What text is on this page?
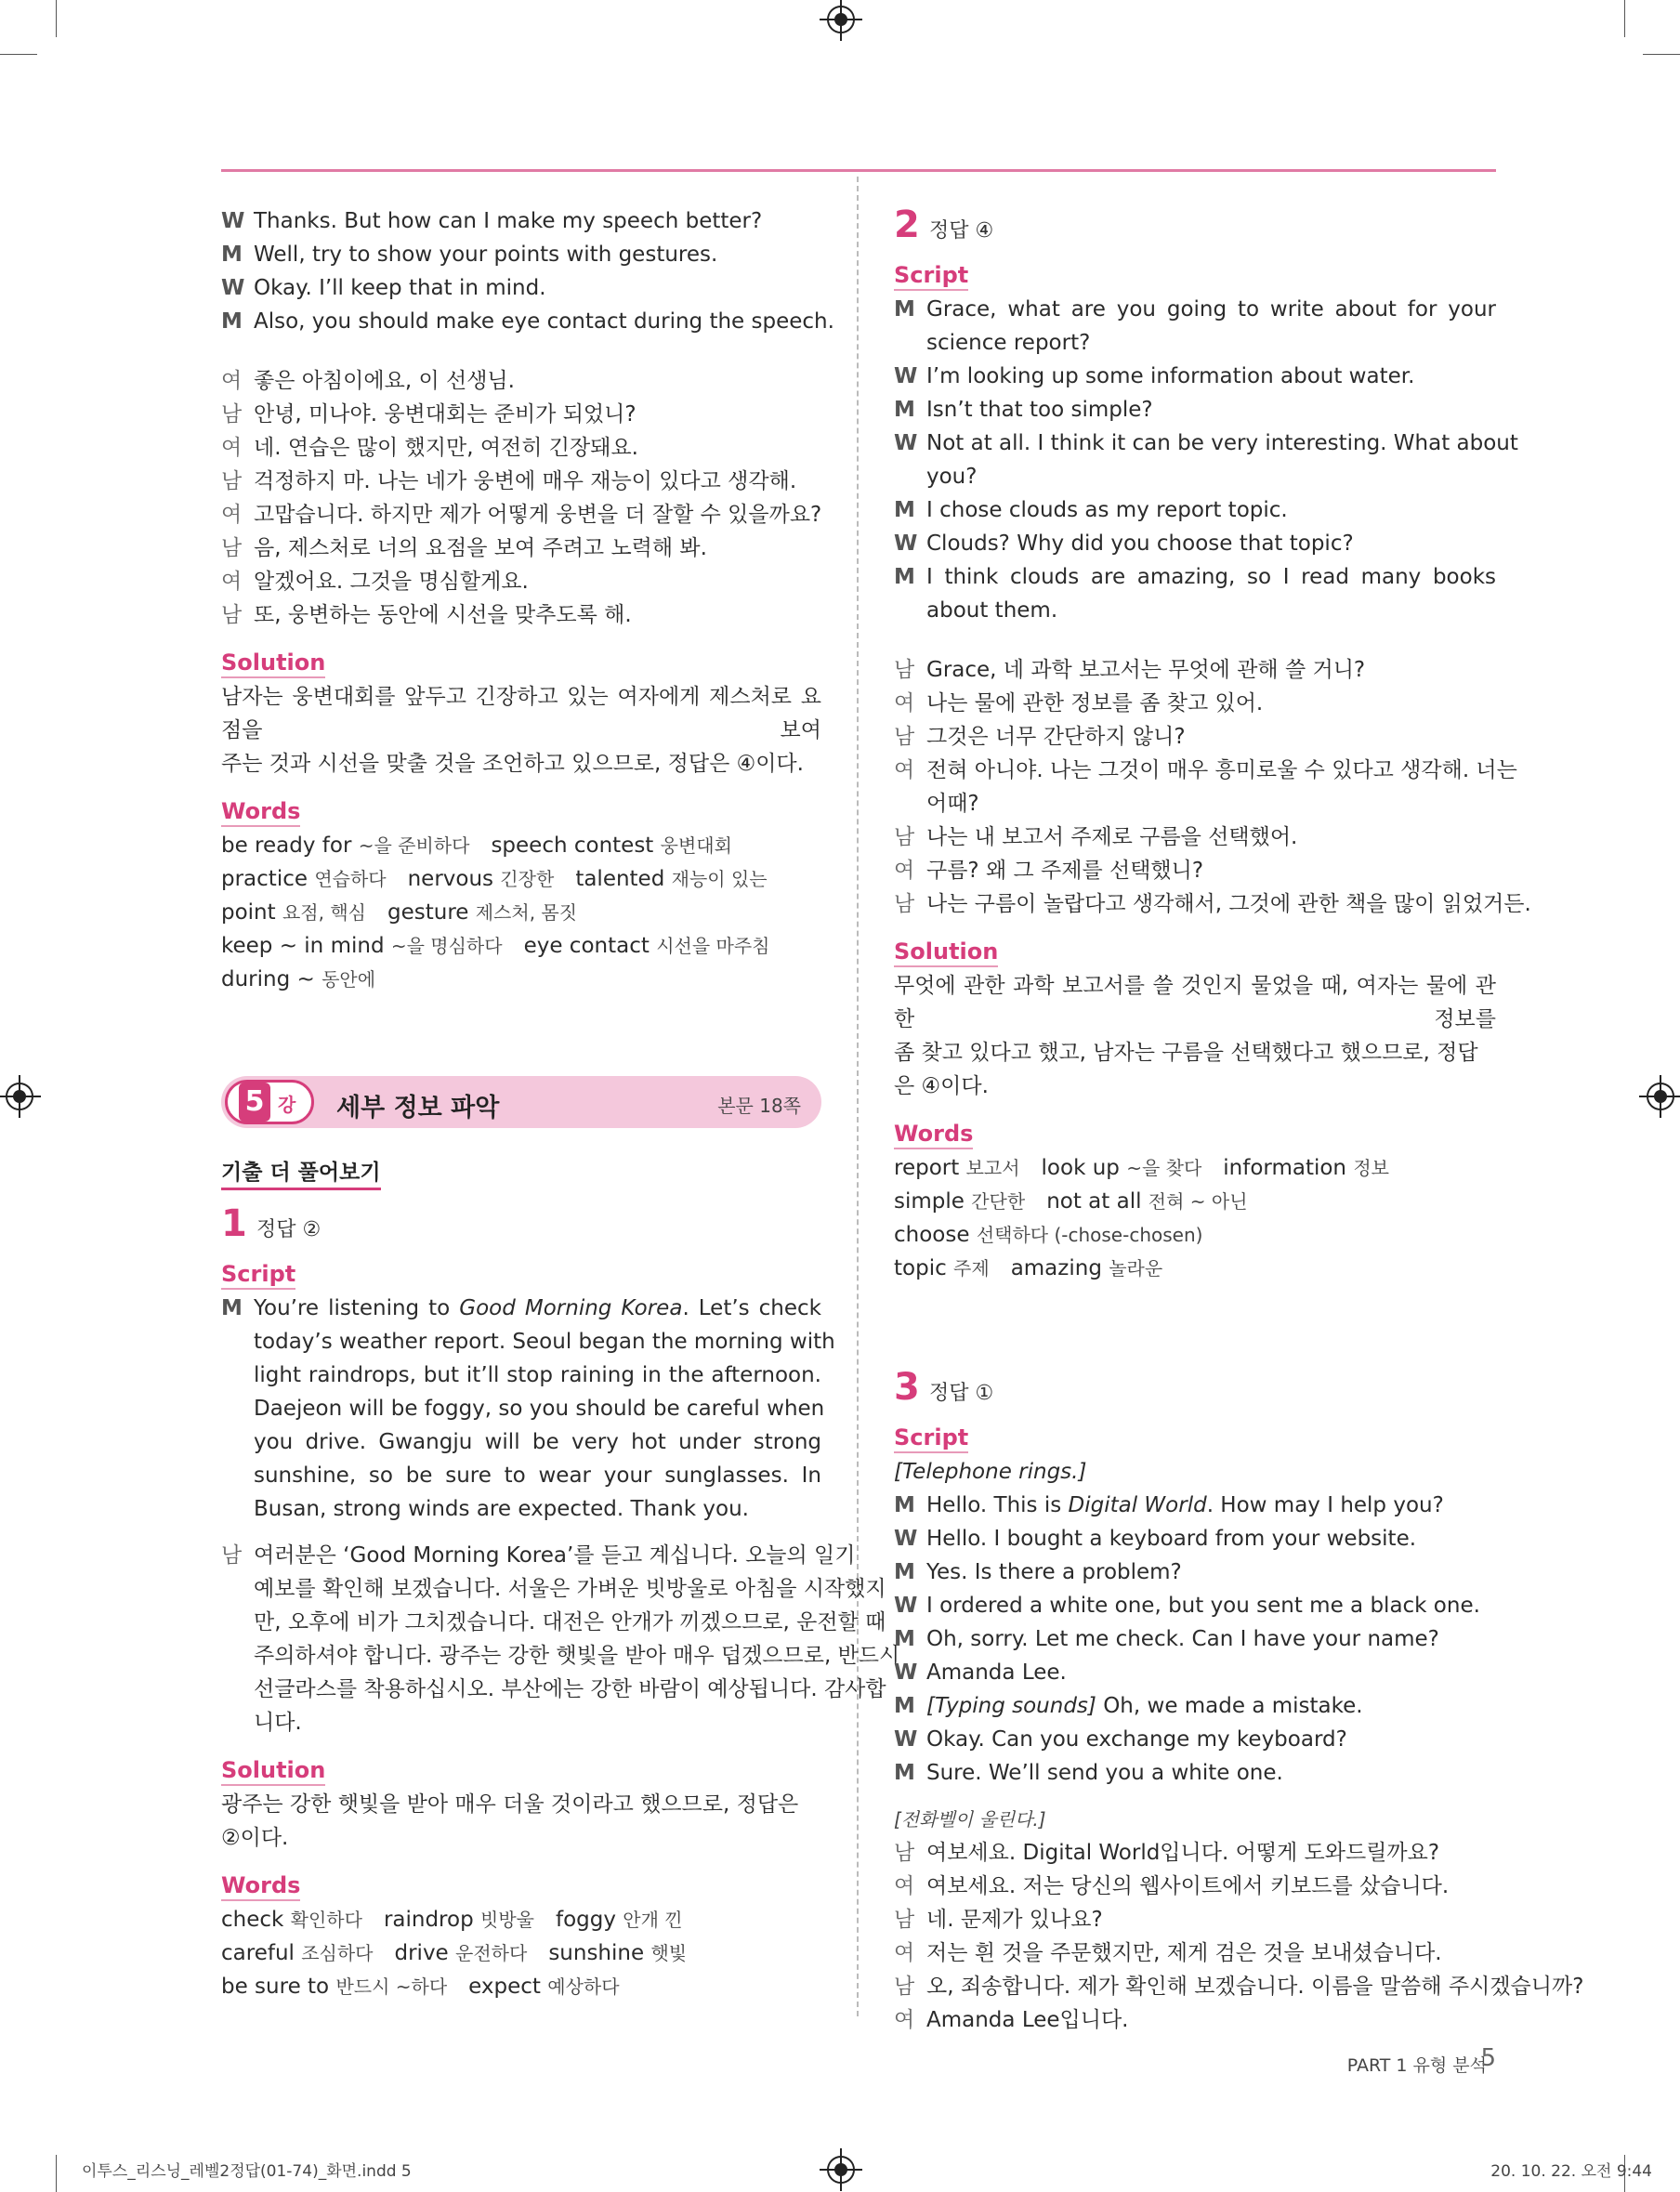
W Thanks. But how can I make my speech better?
M Well, try to show your points with gestures.
W Okay. I’ll keep that in mind.
M Also, you should make eye contact during the speech.
여 좋은 아침이에요, 이 선생님.
남 안녕, 미나야. 웅변대회는 준비가 되었니?
여 네. 연습은 많이 했지만, 여전히 긴장돼요.
남 걱정하지 마. 나는 네가 웅변에 매우 재능이 있다고 생각해.
여 고맙습니다. 하지만 제가 어떻게 웅변을 더 잘할 수 있을까요?
남 음, 제스처로 너의 요점을 보여 주려고 노력해 봐.
여 알겠어요. 그것을 명심할게요.
남 또, 웅변하는 동안에 시선을 맞추도록 해.
Solution
남자는 웅변대회를 앞두고 긴장하고 있는 여자에게 제스처로 요점을 보여
주는 것과 시선을 맞출 것을 조언하고 있으므로, 정답은 ④이다.
Words
be ready for ~을 준비하다  speech contest 웅변대회
practice 연습하다  nervous 긴장한  talented 재능이 있는
point 요점, 핵심  gesture 제스처, 몸짓
keep ~ in mind ~을 명심하다  eye contact 시선을 마주침
during ~ 동안에
5 강 세부 정보 파악	본문 18쪽
기출 더 풀어보기
1 정답 ②
Script
M You’re listening to Good Morning Korea. Let’s check
today’s weather report. Seoul began the morning with
light raindrops, but it’ll stop raining in the afternoon.
Daejeon will be foggy, so you should be careful when
you drive. Gwangju will be very hot under strong
sunshine, so be sure to wear your sunglasses. In
Busan, strong winds are expected. Thank you.
남 여러분은 ‘Good Morning Korea’를 듣고 계십니다. 오늘의 일기
예보를 확인해 보겠습니다. 서울은 가벼운 빗방울로 아침을 시작했지
만, 오후에 비가 그치겠습니다. 대전은 안개가 끼겠으므로, 운전할 때
주의하셔야 합니다. 광주는 강한 햇빛을 받아 매우 덥겠으므로, 반드시
선글라스를 착용하십시오. 부산에는 강한 바람이 예상됩니다. 감사합
니다.
Solution
광주는 강한 햇빛을 받아 매우 더울 것이라고 했으므로, 정답은 ②이다.
Words
check 확인하다  raindrop 빗방울  foggy 안개 낀
careful 조심하다  drive 운전하다  sunshine 햇빛
be sure to 반드시 ~하다  expect 예상하다
2 정답 ④
Script
M Grace, what are you going to write about for your
science report?
W I’m looking up some information about water.
M Isn’t that too simple?
W Not at all. I think it can be very interesting. What about
you?
M I chose clouds as my report topic.
W Clouds? Why did you choose that topic?
M I think clouds are amazing, so I read many books
about them.
남 Grace, 네 과학 보고서는 무엇에 관해 쓸 거니?
여 나는 물에 관한 정보를 좀 찾고 있어.
남 그것은 너무 간단하지 않니?
여 전혀 아니야. 나는 그것이 매우 흥미로울 수 있다고 생각해. 너는
어때?
남 나는 내 보고서 주제로 구름을 선택했어.
여 구름? 왜 그 주제를 선택했니?
남 나는 구름이 놀랍다고 생각해서, 그것에 관한 책을 많이 읽었거든.
Solution
무엇에 관한 과학 보고서를 쓸 것인지 물었을 때, 여자는 물에 관한 정보를
좀 찾고 있다고 했고, 남자는 구름을 선택했다고 했으므로, 정답은 ④이다.
Words
report 보고서  look up ~을 찾다  information 정보
simple 간단한  not at all 전혀 ~ 아닌
choose 선택하다 (-chose-chosen)
topic 주제  amazing 놀라운
3 정답 ①
Script
[Telephone rings.]
M Hello. This is Digital World. How may I help you?
W Hello. I bought a keyboard from your website.
M Yes. Is there a problem?
W I ordered a white one, but you sent me a black one.
M Oh, sorry. Let me check. Can I have your name?
W Amanda Lee.
M [Typing sounds] Oh, we made a mistake.
W Okay. Can you exchange my keyboard?
M Sure. We’ll send you a white one.
[전화벨이 울린다.]
남 여보세요. Digital World입니다. 어떻게 도와드릴까요?
여 여보세요. 저는 당신의 웹사이트에서 키보드를 샀습니다.
남 네. 문제가 있나요?
여 저는 흰 것을 주문했지만, 제게 검은 것을 보내셨습니다.
남 오, 죄송합니다. 제가 확인해 보겠습니다. 이름을 말씀해 주시겠습니까?
여 Amanda Lee입니다.
PART 1 유형 분석
5
이투스_리스닝_레벨2정답(01-74)_화면.indd 5	20. 10. 22. 오전 9:44
